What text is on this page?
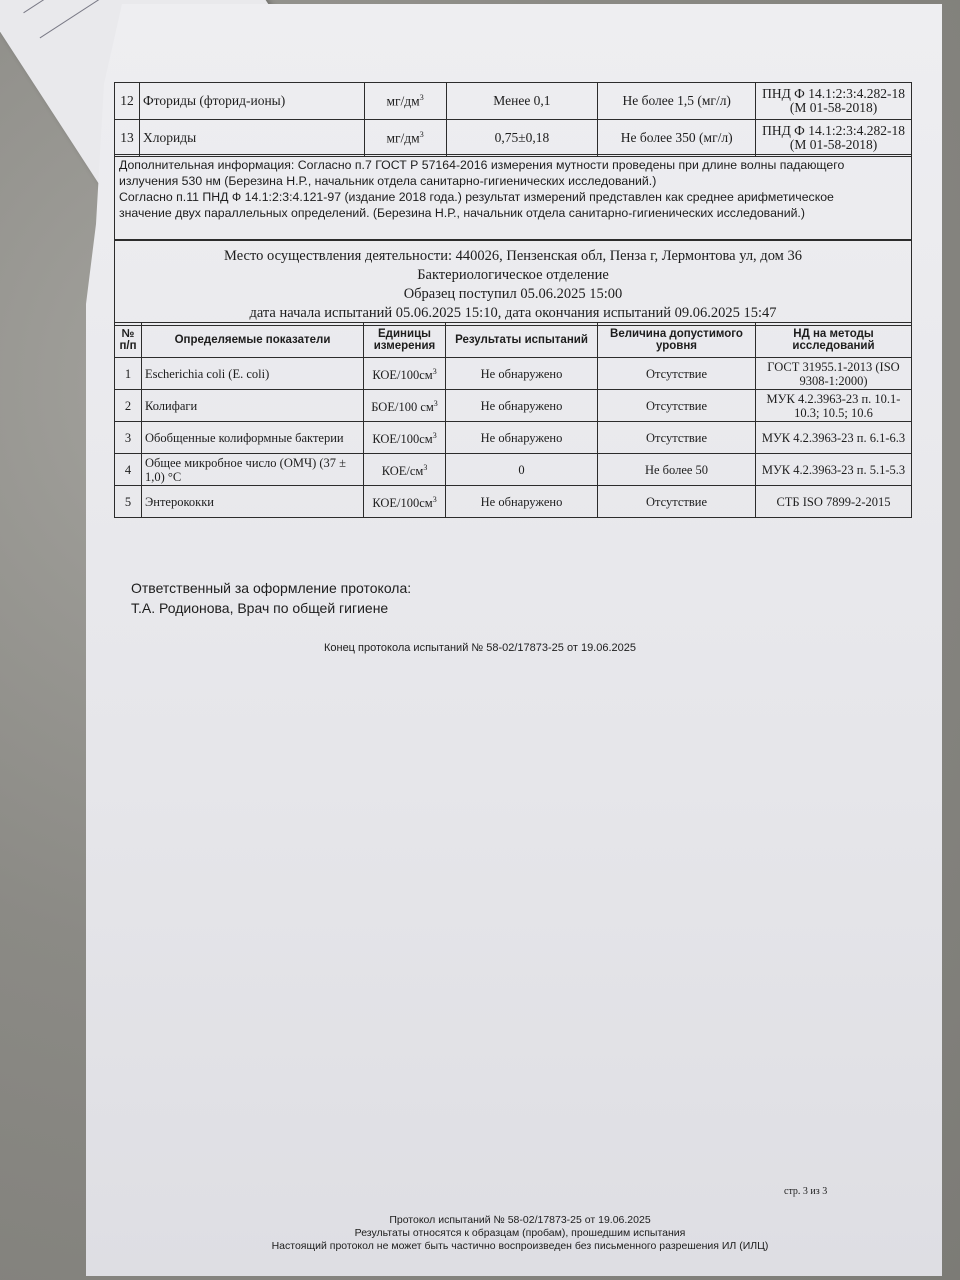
12	Фториды (фторид-ионы)	$мг/дм^3$	Менее 0,1	Не более 1,5 (мг/л)	ПНД Ф 14.1:2:3:4.282-18 (М 01-58-2018)
13	Хлориды	$мг/дм^3$	0,75±0,18	Не более 350 (мг/л)	ПНД Ф 14.1:2:3:4.282-18 (М 01-58-2018)
Дополнительная информация: Согласно п.7 ГОСТ Р 57164-2016 измерения мутности проведены при длине волны падающего
излучения 530 нм (Березина Н.Р., начальник отдела санитарно-гигиенических исследований.)
Согласно п.11 ПНД Ф 14.1:2:3:4.121-97 (издание 2018 года.) результат измерений представлен как среднее арифметическое
значение двух параллельных определений. (Березина Н.Р., начальник отдела санитарно-гигиенических исследований.)
Место осуществления деятельности: 440026, Пензенская обл, Пенза г, Лермонтова ул, дом 36
Бактериологическое отделение
Образец поступил 05.06.2025 15:00
дата начала испытаний 05.06.2025 15:10, дата окончания испытаний 09.06.2025 15:47
№ п/п	Определяемые показатели	Единицы измерения	Результаты испытаний	Величина допустимого уровня	НД на методы исследований
1	Escherichia coli (E. coli)	КОЕ/$100см^3$	Не обнаружено	Отсутствие	ГОСТ 31955.1-2013 (ISO 9308-1:2000)
2	Колифаги	БОЕ/100 $см^3$	Не обнаружено	Отсутствие	МУК 4.2.3963-23 п. 10.1-10.3; 10.5; 10.6
3	Обобщенные колиформные бактерии	КОЕ/$100см^3$	Не обнаружено	Отсутствие	МУК 4.2.3963-23 п. 6.1-6.3
4	Общее микробное число (ОМЧ) (37 ± 1,0) °С	КОЕ/$см^3$	0	Не более 50	МУК 4.2.3963-23 п. 5.1-5.3
5	Энтерококки	КОЕ/$100см^3$	Не обнаружено	Отсутствие	СТБ ISO 7899-2-2015
Ответственный за оформление протокола:
Т.А. Родионова, Врач по общей гигиене
Конец протокола испытаний № 58-02/17873-25 от 19.06.2025
стр. 3 из 3
Протокол испытаний № 58-02/17873-25 от 19.06.2025
Результаты относятся к образцам (пробам), прошедшим испытания
Настоящий протокол не может быть частично воспроизведен без письменного разрешения ИЛ (ИЛЦ)
